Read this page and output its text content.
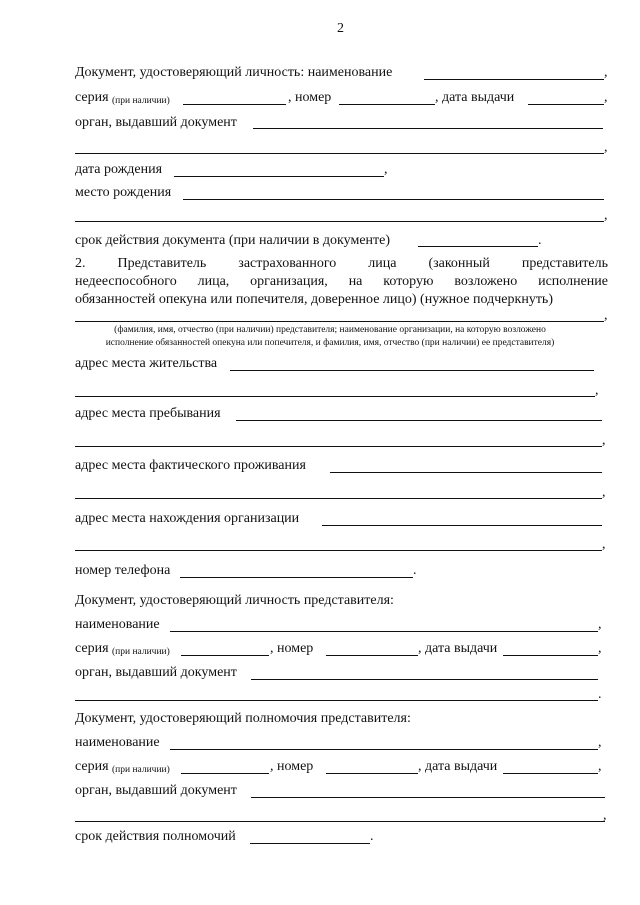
2
Документ, удостоверяющий личность: наименование	,
серия (при наличии)	, номер	, дата выдачи	,
орган, выдавший документ
,
дата рождения	,
место рождения
,
срок действия документа (при наличии в документе)	.
2. Представитель застрахованного лица (законный представитель
недееспособного лица, организация, на которую возложено исполнение
обязанностей опекуна или попечителя, доверенное лицо) (нужное подчеркнуть)
,
(фамилия, имя, отчество (при наличии) представителя; наименование организации, на которую возложено
исполнение обязанностей опекуна или попечителя, и фамилия, имя, отчество (при наличии) ее представителя)
адрес места жительства
,
адрес места пребывания
,
адрес места фактического проживания
,
адрес места нахождения организации
,
номер телефона	.
Документ, удостоверяющий личность представителя:
наименование	,
серия (при наличии)	, номер	, дата выдачи	,
орган, выдавший документ
.
Документ, удостоверяющий полномочия представителя:
наименование	,
серия (при наличии)	, номер	, дата выдачи	,
орган, выдавший документ
,
срок действия полномочий	.
